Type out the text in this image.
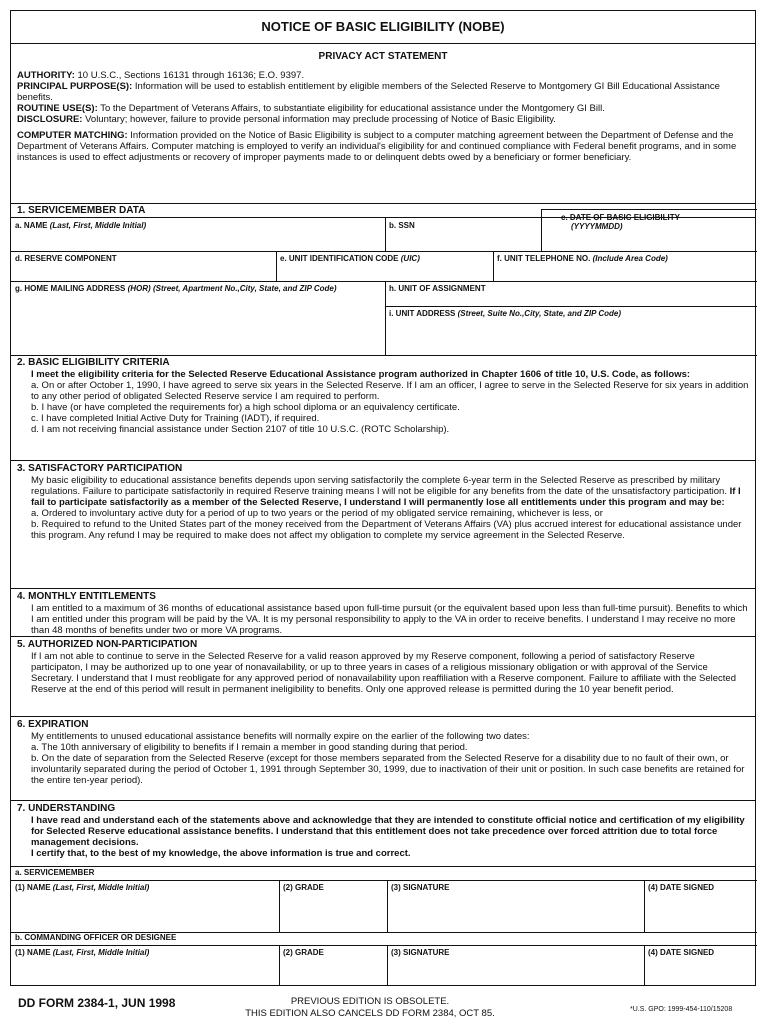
NOTICE OF BASIC ELIGIBILITY (NOBE)
PRIVACY ACT STATEMENT

AUTHORITY: 10 U.S.C., Sections 16131 through 16136; E.O. 9397.

PRINCIPAL PURPOSE(S): Information will be used to establish entitlement by eligible members of the Selected Reserve to Montgomery GI Bill Educational Assistance benefits.

ROUTINE USE(S): To the Department of Veterans Affairs, to substantiate eligibility for educational assistance under the Montgomery GI Bill.

DISCLOSURE: Voluntary; however, failure to provide personal information may preclude processing of Notice of Basic Eligibility.

COMPUTER MATCHING: Information provided on the Notice of Basic Eligibility is subject to a computer matching agreement between the Department of Defense and the Department of Veterans Affairs. Computer matching is employed to verify an individual's eligibility for and continued compliance with Federal benefit programs, and in some instances is used to effect adjustments or recovery of improper payments made to or delinquent debts owed by a beneficiary or former beneficiary.

1. SERVICEMEMBER DATA
a. NAME (Last, First, Middle Initial)	b. SSN
c. DATE OF BASIC ELIGIBILITY
(YYYYMMDD)
d. RESERVE COMPONENT	e. UNIT IDENTIFICATION CODE (UIC)	f. UNIT TELEPHONE NO. (Include Area Code)
g. HOME MAILING ADDRESS (HOR) (Street, Apartment No.,City, State, and ZIP Code)	h. UNIT OF ASSIGNMENT
i. UNIT ADDRESS (Street, Suite No.,City, State, and ZIP Code)
2. BASIC ELIGIBILITY CRITERIA
I meet the eligibility criteria for the Selected Reserve Educational Assistance program authorized in Chapter 1606 of title 10, U.S. Code, as follows:
a. On or after October 1, 1990, I have agreed to serve six years in the Selected Reserve. If I am an officer, I agree to serve in the Selected Reserve for six years in addition to any other period of obligated Selected Reserve service I am required to perform.
b. I have (or have completed the requirements for) a high school diploma or an equivalency certificate.
c. I have completed Initial Active Duty for Training (IADT), if required.
d. I am not receiving financial assistance under Section 2107 of title 10 U.S.C. (ROTC Scholarship).
3. SATISFACTORY PARTICIPATION
My basic eligibility to educational assistance benefits depends upon serving satisfactorily the complete 6-year term in the Selected Reserve as prescribed by military regulations. Failure to participate satisfactorily in required Reserve training means I will not be eligible for any benefits from the date of the unsatisfactory participation. If I fail to participate satisfactorily as a member of the Selected Reserve, I understand I will permanently lose all entitlements under this program and may be:
a. Ordered to involuntary active duty for a period of up to two years or the period of my obligated service remaining, whichever is less, or
b. Required to refund to the United States part of the money received from the Department of Veterans Affairs (VA) plus accrued interest for educational assistance under this program. Any refund I may be required to make does not affect my obligation to complete my service agreement in the Selected Reserve.
4. MONTHLY ENTITLEMENTS
I am entitled to a maximum of 36 months of educational assistance based upon full-time pursuit (or the equivalent based upon less than full-time pursuit). Benefits to which I am entitled under this program will be paid by the VA. It is my personal responsibility to apply to the VA in order to receive benefits. I understand I may receive no more than 48 months of benefits under two or more VA programs.
5. AUTHORIZED NON-PARTICIPATION
If I am not able to continue to serve in the Selected Reserve for a valid reason approved by my Reserve component, following a period of satisfactory Reserve participaton, I may be authorized up to one year of nonavailability, or up to three years in cases of a religious missionary obligation or with approval of the Service Secretary. I understand that I must reobligate for any approved period of nonavailability upon reaffiliation with a Reserve component. Failure to affiliate with the Selected Reserve at the end of this period will result in permanent ineligibility to benefits. Only one approved release is permitted during the 10 year benefit period.
6. EXPIRATION
My entitlements to unused educational assistance benefits will normally expire on the earlier of the following two dates:
a. The 10th anniversary of eligibility to benefits if I remain a member in good standing during that period.
b. On the date of separation from the Selected Reserve (except for those members separated from the Selected Reserve for a disability due to no fault of their own, or involuntarily separated during the period of October 1, 1991 through September 30, 1999, due to inactivation of their unit or position. In such case benefits are retained for the entire ten-year period).
7. UNDERSTANDING
I have read and understand each of the statements above and acknowledge that they are intended to constitute official notice and certification of my eligibility for Selected Reserve educational assistance benefits. I understand that this entitlement does not take precedence over forced attrition due to total force management decisions.
I certify that, to the best of my knowledge, the above information is true and correct.
a. SERVICEMEMBER
(1) NAME (Last, First, Middle Initial)	(2) GRADE	(3) SIGNATURE	(4) DATE SIGNED
b. COMMANDING OFFICER OR DESIGNEE
(1) NAME (Last, First, Middle Initial)	(2) GRADE	(3) SIGNATURE	(4) DATE SIGNED
DD FORM 2384-1, JUN 1998	PREVIOUS EDITION IS OBSOLETE.
THIS EDITION ALSO CANCELS DD FORM 2384, OCT 85.	*U.S. GPO: 1999-454-110/15208
